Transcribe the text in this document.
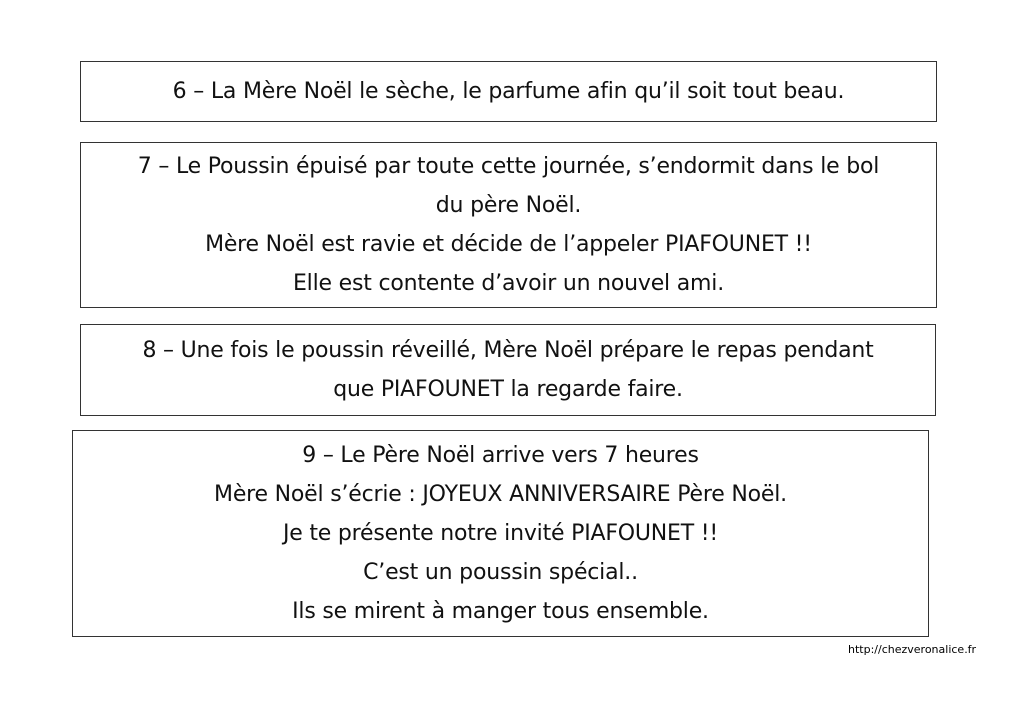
6 – La Mère Noël le sèche, le parfume afin qu’il soit tout beau.
7 – Le Poussin épuisé par toute cette journée, s’endormit dans le bol
du père Noël.
Mère Noël est ravie et décide de l’appeler PIAFOUNET !!
Elle est contente d’avoir un nouvel ami.
8 – Une fois le poussin réveillé, Mère Noël prépare le repas pendant
que PIAFOUNET la regarde faire.
9 – Le Père Noël arrive vers 7 heures
Mère Noël s’écrie : JOYEUX ANNIVERSAIRE Père Noël.
Je te présente notre invité PIAFOUNET !!
C’est un poussin spécial..
Ils se mirent à manger tous ensemble.
http://chezveronalice.fr
